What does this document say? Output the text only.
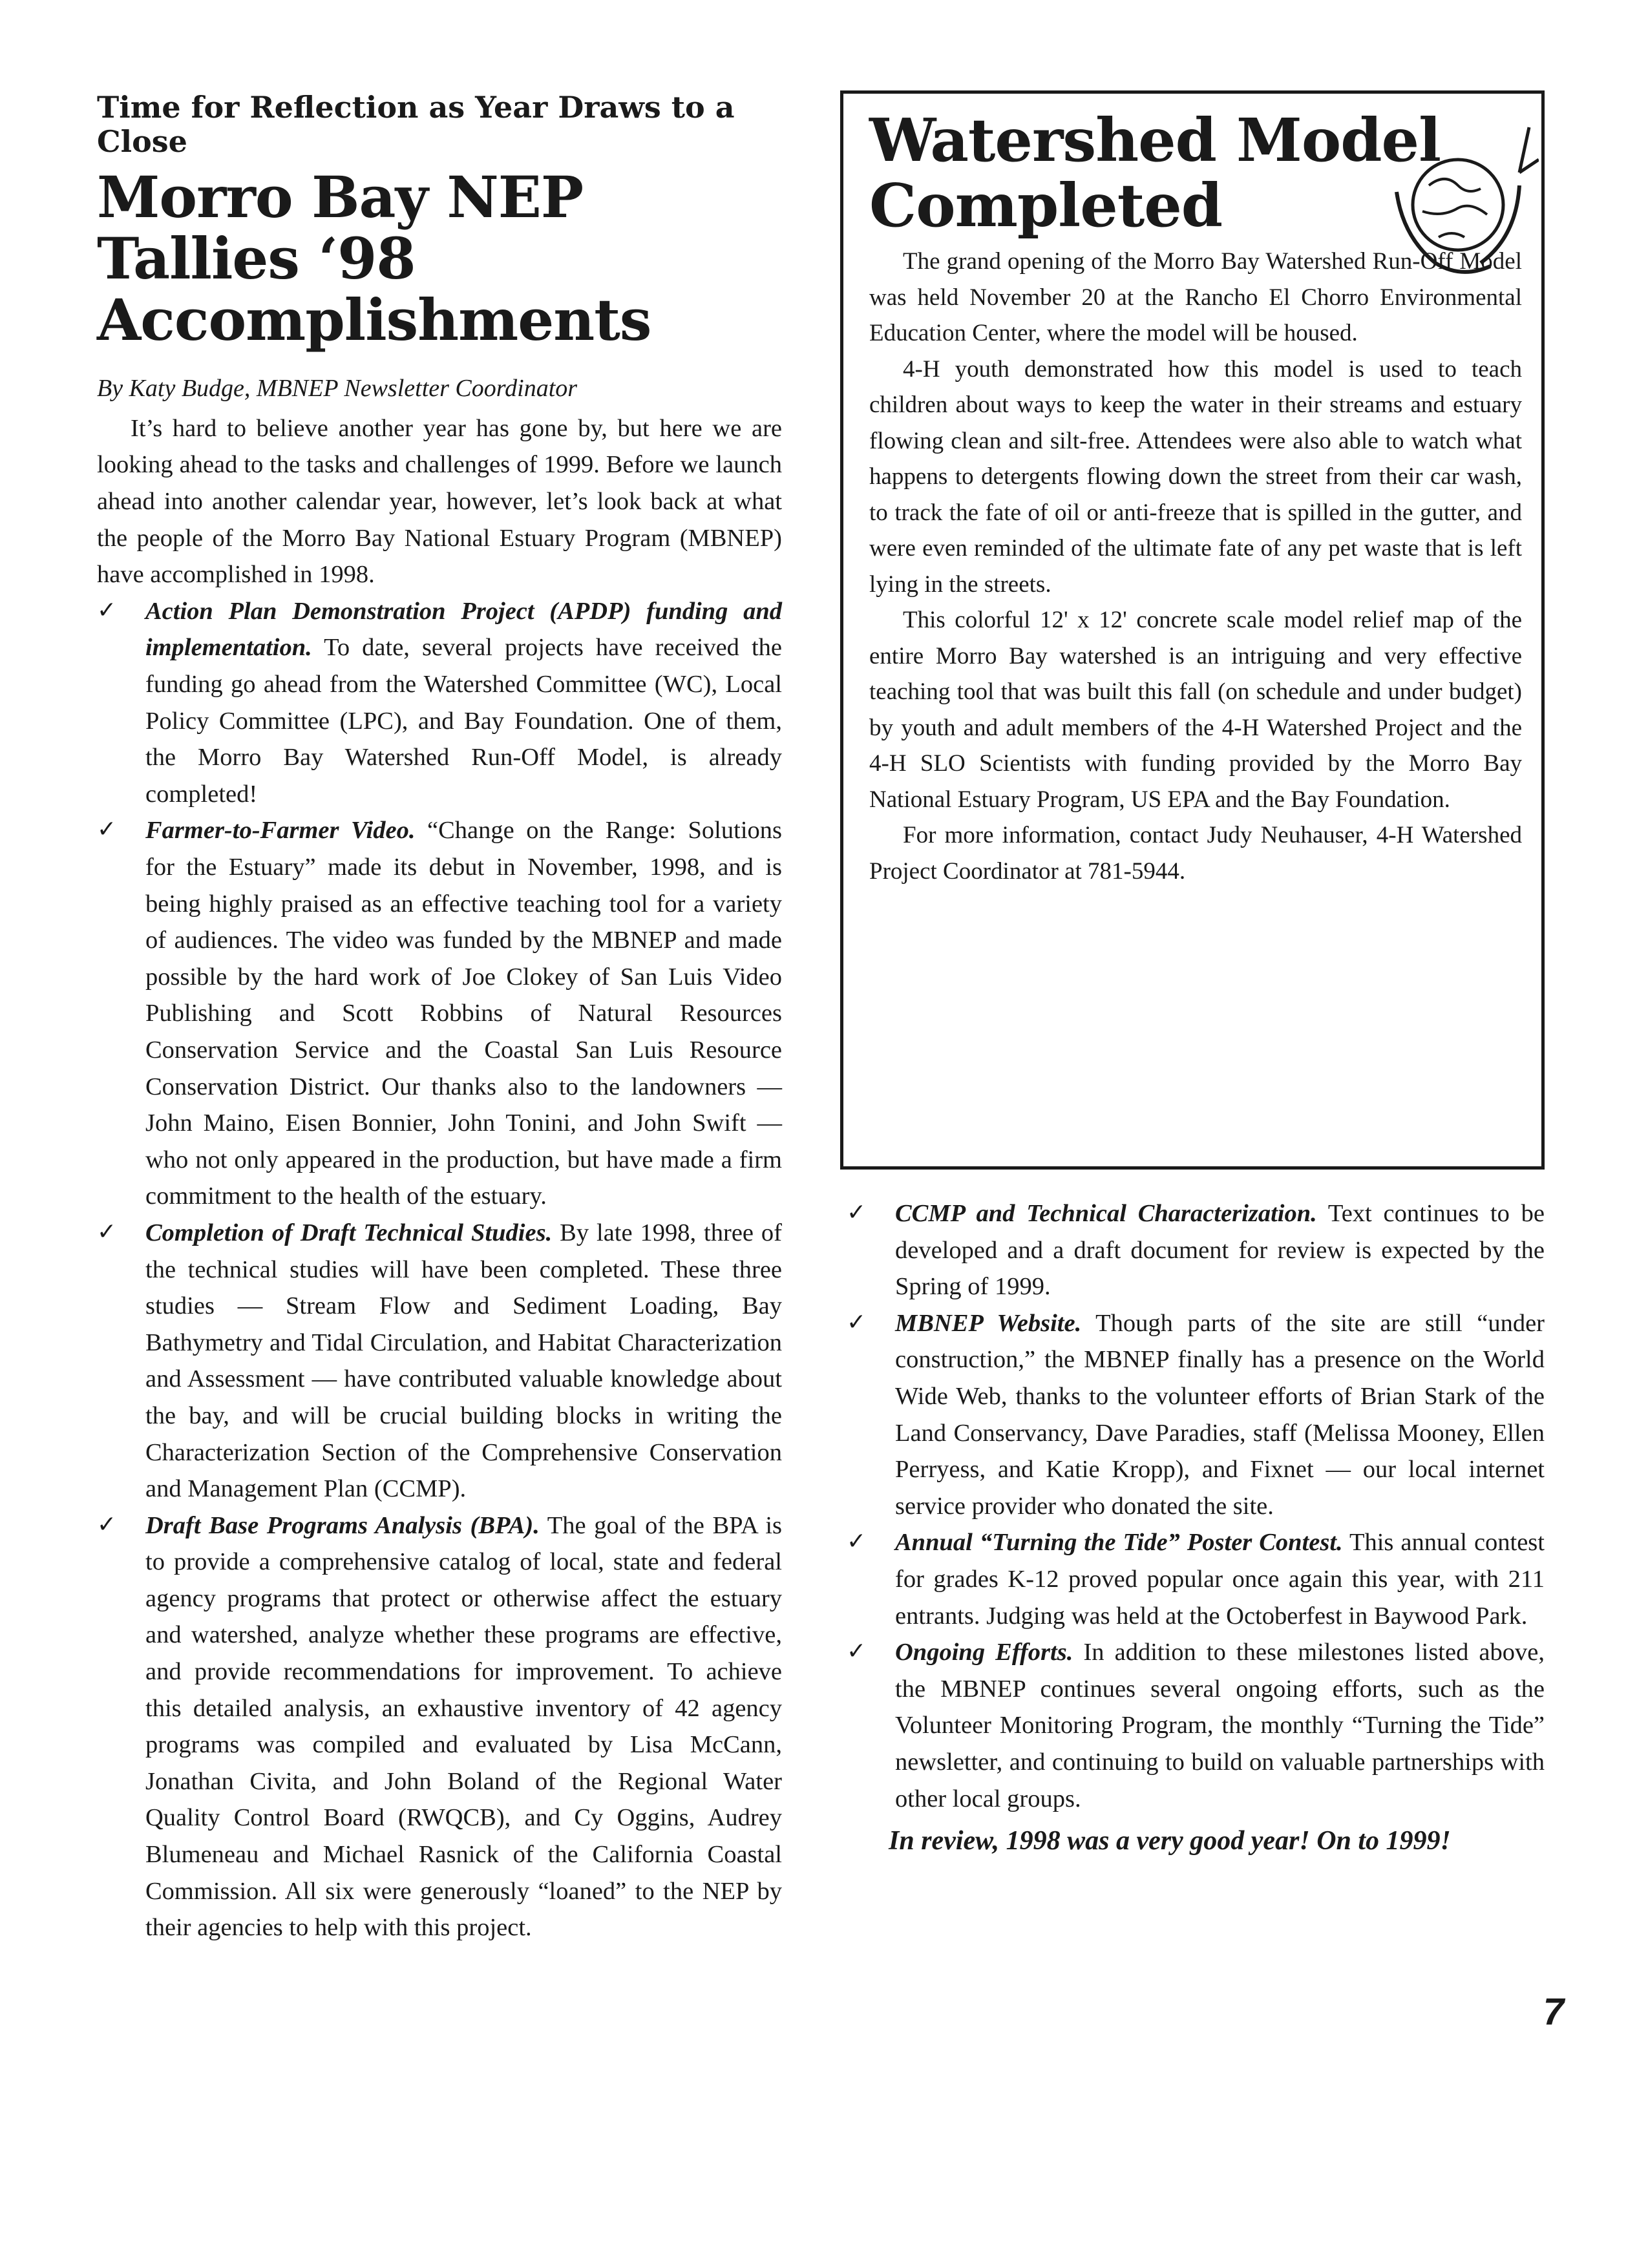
Time for Reflection as Year Draws to a Close
Morro Bay NEP Tallies ‘98 Accomplishments
By Katy Budge, MBNEP Newsletter Coordinator

It’s hard to believe another year has gone by, but here we are looking ahead to the tasks and challenges of 1999. Before we launch ahead into another calendar year, however, let’s look back at what the people of the Morro Bay National Estuary Program (MBNEP) have accomplished in 1998.

✓ Action Plan Demonstration Project (APDP) funding and implementation. To date, several projects have received the funding go ahead from the Watershed Committee (WC), Local Policy Committee (LPC), and Bay Foundation. One of them, the Morro Bay Watershed Run-Off Model, is already completed!
✓ Farmer-to-Farmer Video. “Change on the Range: Solutions for the Estuary” made its debut in November, 1998, and is being highly praised as an effective teaching tool for a variety of audiences. The video was funded by the MBNEP and made possible by the hard work of Joe Clokey of San Luis Video Publishing and Scott Robbins of Natural Resources Conservation Service and the Coastal San Luis Resource Conservation District. Our thanks also to the landowners — John Maino, Eisen Bonnier, John Tonini, and John Swift — who not only appeared in the production, but have made a firm commitment to the health of the estuary.
✓ Completion of Draft Technical Studies. By late 1998, three of the technical studies will have been completed. These three studies — Stream Flow and Sediment Loading, Bay Bathymetry and Tidal Circulation, and Habitat Characterization and Assessment — have contributed valuable knowledge about the bay, and will be crucial building blocks in writing the Characterization Section of the Comprehensive Conservation and Management Plan (CCMP).
✓ Draft Base Programs Analysis (BPA). The goal of the BPA is to provide a comprehensive catalog of local, state and federal agency programs that protect or otherwise affect the estuary and watershed, analyze whether these programs are effective, and provide recommendations for improvement. To achieve this detailed analysis, an exhaustive inventory of 42 agency programs was compiled and evaluated by Lisa McCann, Jonathan Civita, and John Boland of the Regional Water Quality Control Board (RWQCB), and Cy Oggins, Audrey Blumeneau and Michael Rasnick of the California Coastal Commission. All six were generously “loaned” to the NEP by their agencies to help with this project.
Watershed Model Completed

The grand opening of the Morro Bay Watershed Run-Off Model was held November 20 at the Rancho El Chorro Environmental Education Center, where the model will be housed.

4-H youth demonstrated how this model is used to teach children about ways to keep the water in their streams and estuary flowing clean and silt-free. Attendees were also able to watch what happens to detergents flowing down the street from their car wash, to track the fate of oil or anti-freeze that is spilled in the gutter, and were even reminded of the ultimate fate of any pet waste that is left lying in the streets.

This colorful 12' x 12' concrete scale model relief map of the entire Morro Bay watershed is an intriguing and very effective teaching tool that was built this fall (on schedule and under budget) by youth and adult members of the 4-H Watershed Project and the 4-H SLO Scientists with funding provided by the Morro Bay National Estuary Program, US EPA and the Bay Foundation.

For more information, contact Judy Neuhauser, 4-H Watershed Project Coordinator at 781-5944.

✓ CCMP and Technical Characterization. Text continues to be developed and a draft document for review is expected by the Spring of 1999.
✓ MBNEP Website. Though parts of the site are still “under construction,” the MBNEP finally has a presence on the World Wide Web, thanks to the volunteer efforts of Brian Stark of the Land Conservancy, Dave Paradies, staff (Melissa Mooney, Ellen Perryess, and Katie Kropp), and Fixnet — our local internet service provider who donated the site.
✓ Annual “Turning the Tide” Poster Contest. This annual contest for grades K-12 proved popular once again this year, with 211 entrants. Judging was held at the Octoberfest in Baywood Park.
✓ Ongoing Efforts. In addition to these milestones listed above, the MBNEP continues several ongoing efforts, such as the Volunteer Monitoring Program, the monthly “Turning the Tide” newsletter, and continuing to build on valuable partnerships with other local groups.

In review, 1998 was a very good year! On to 1999!

7
